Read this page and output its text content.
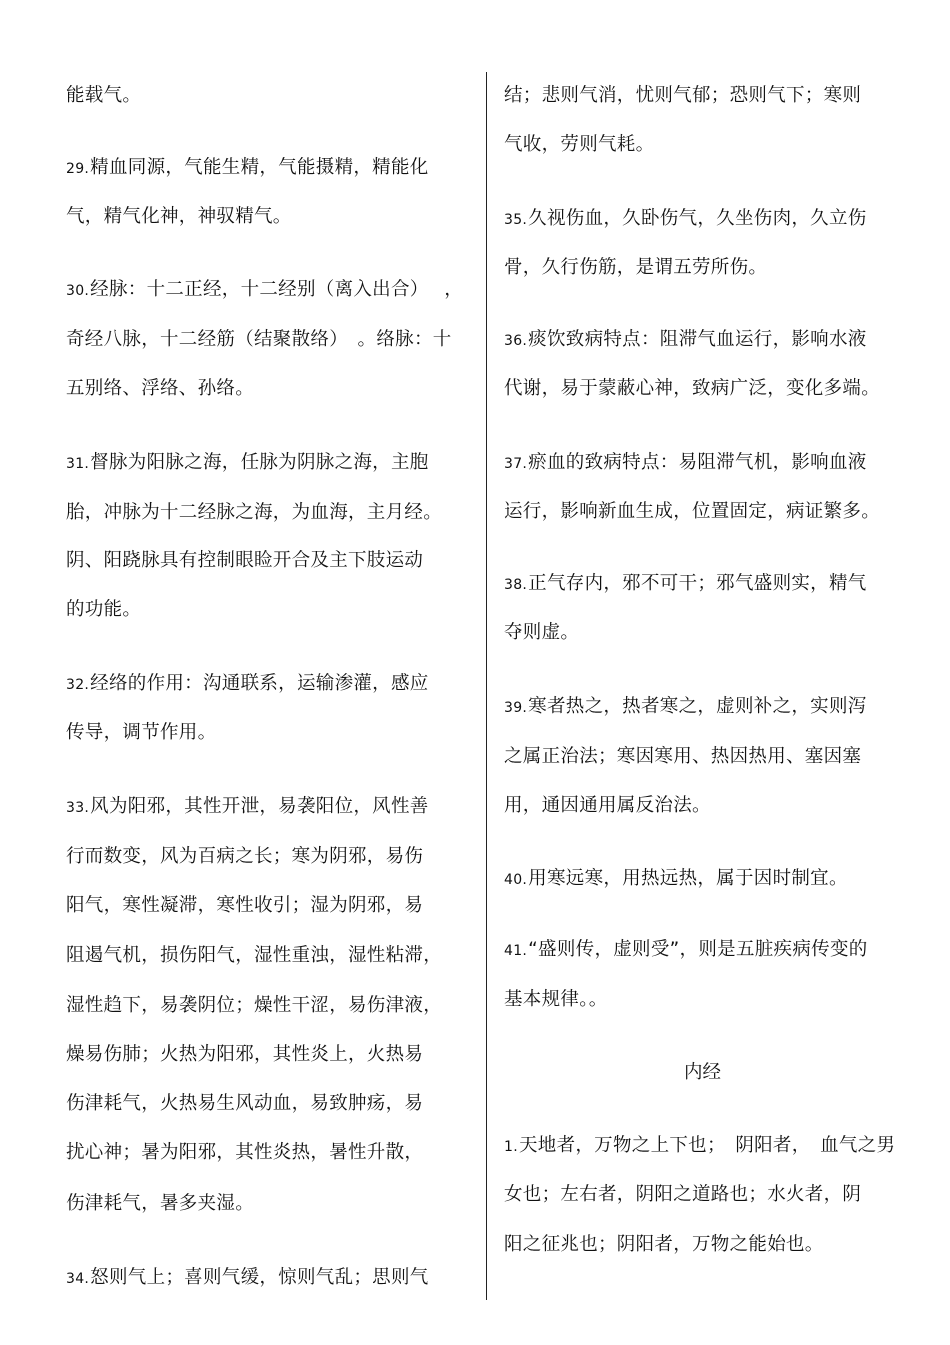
能载气。
29.精血同源，气能生精，气能摄精，精能化
气，精气化神，神驭精气。
30.经脉：十二正经，十二经别（离入出合）　 ，
奇经八脉，十二经筋（结聚散络）　。络脉：十
五别络、浮络、孙络。
31.督脉为阳脉之海，任脉为阴脉之海，主胞
胎，冲脉为十二经脉之海，为血海，主月经。
阴、阳跷脉具有控制眼睑开合及主下肢运动
的功能。
32.经络的作用：沟通联系，运输渗灌，感应
传导，调节作用。
33.风为阳邪，其性开泄，易袭阳位，风性善
行而数变，风为百病之长；寒为阴邪，易伤
阳气，寒性凝滞，寒性收引；湿为阴邪，易
阻遏气机，损伤阳气，湿性重浊，湿性粘滞，
湿性趋下，易袭阴位；燥性干涩，易伤津液，
燥易伤肺；火热为阳邪，其性炎上，火热易
伤津耗气，火热易生风动血，易致肿疡，易
扰心神；暑为阳邪，其性炎热，暑性升散，
伤津耗气，暑多夹湿。
34.怒则气上；喜则气缓，惊则气乱；思则气
结；悲则气消，忧则气郁；恐则气下；寒则
气收，劳则气耗。
35.久视伤血，久卧伤气，久坐伤肉，久立伤
骨，久行伤筋，是谓五劳所伤。
36.痰饮致病特点：阻滞气血运行，影响水液
代谢，易于蒙蔽心神，致病广泛，变化多端。
37.瘀血的致病特点：易阻滞气机，影响血液
运行，影响新血生成，位置固定，病证繁多。
38.正气存内，邪不可干；邪气盛则实，精气
夺则虚。
39.寒者热之，热者寒之，虚则补之，实则泻
之属正治法；寒因寒用、热因热用、塞因塞
用，通因通用属反治法。
40.用寒远寒，用热远热，属于因时制宜。
41.“盛则传，虚则受”，则是五脏疾病传变的
基本规律。。
1.天地者，万物之上下也；　阴阳者，　血气之男
女也；左右者，阴阳之道路也；水火者，阴
阳之征兆也；阴阳者，万物之能始也。
内经
